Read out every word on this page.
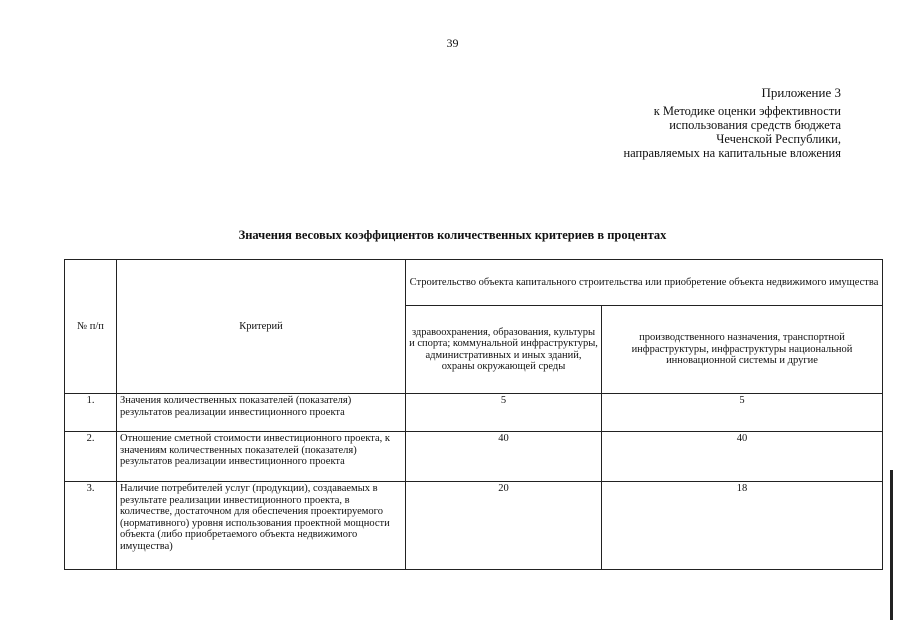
39
Приложение 3
к Методике оценки эффективности
использования средств бюджета
Чеченской Республики,
направляемых на капитальные вложения
Значения весовых коэффициентов количественных критериев в процентах
№ п/п	Критерий	Строительство объекта капитального строительства или приобретение объекта недвижимого имущества	
		здравоохранения, образования, культуры и спорта; коммунальной инфраструктуры, административных и иных зданий, охраны окружающей среды	производственного назначения, транспортной инфраструктуры, инфраструктуры национальной инновационной системы и другие
1.	Значения количественных показателей (показателя) результатов реализации инвестиционного проекта	5	5
2.	Отношение сметной стоимости инвестиционного проекта, к значениям количественных показателей (показателя) результатов реализации инвестиционного проекта	40	40
3.	Наличие потребителей услуг (продукции), создаваемых в результате реализации инвестиционного проекта, в количестве, достаточном для обеспечения проектируемого (нормативного) уровня использования проектной мощности объекта (либо приобретаемого объекта недвижимого имущества)	20	18
